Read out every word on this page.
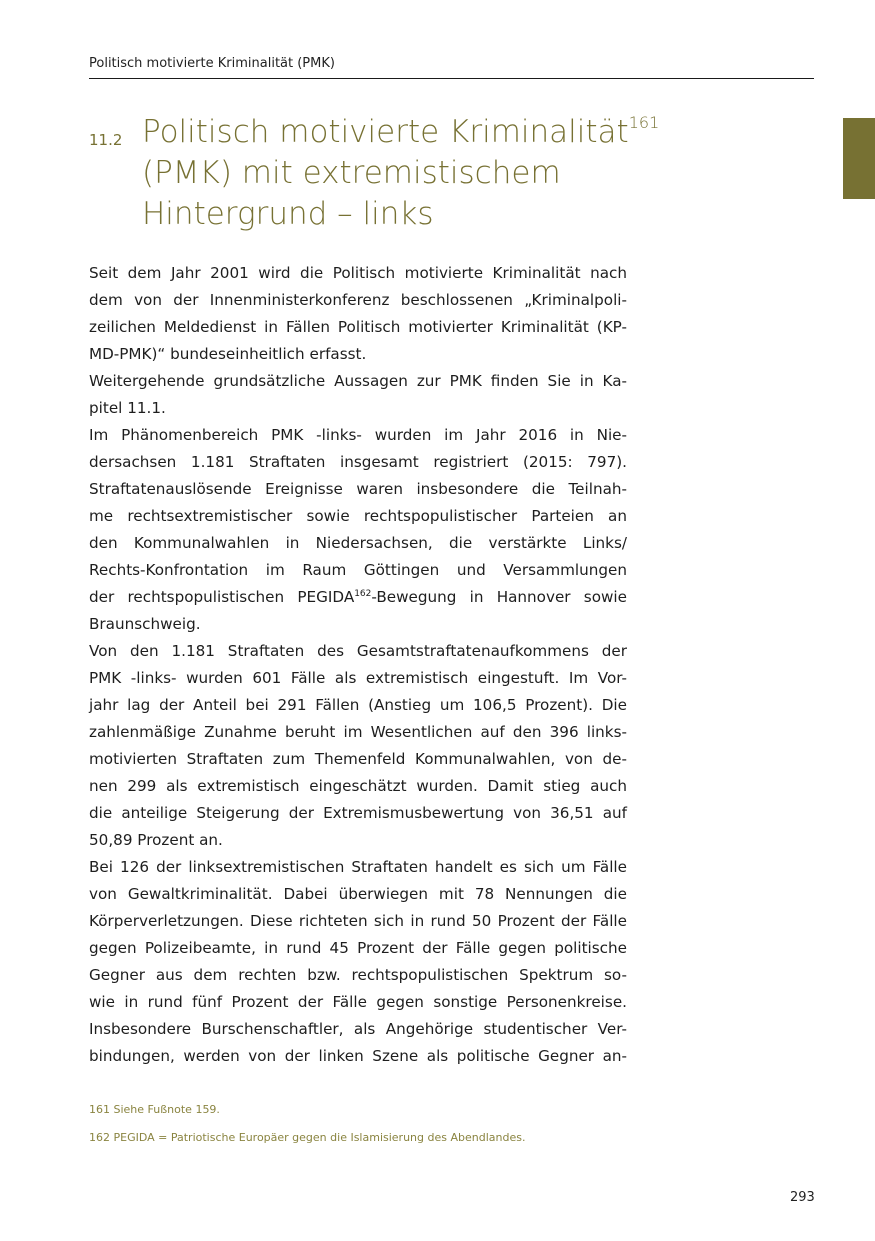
Politisch motivierte Kriminalität (PMK)
11.2 Politisch motivierte Kriminalität$^{161}$
(PMK) mit extremistischem
Hintergrund – links
Seit dem Jahr 2001 wird die Politisch motivierte Kriminalität nach
dem von der Innenministerkonferenz beschlossenen „Kriminalpoli-
zeilichen Meldedienst in Fällen Politisch motivierter Kriminalität (KP-
MD-PMK)“ bundeseinheitlich erfasst.
Weitergehende grundsätzliche Aussagen zur PMK finden Sie in Ka-
pitel 11.1.
Im Phänomenbereich PMK -links- wurden im Jahr 2016 in Nie-
dersachsen 1.181 Straftaten insgesamt registriert (2015: 797).
Straftatenauslösende Ereignisse waren insbesondere die Teilnah-
me rechtsextremistischer sowie rechtspopulistischer Parteien an
den Kommunalwahlen in Niedersachsen, die verstärkte Links/
Rechts-Konfrontation im Raum Göttingen und Versammlungen
der rechtspopulistischen PEGIDA$^{162}$-Bewegung in Hannover sowie
Braunschweig.
Von den 1.181 Straftaten des Gesamtstraftatenaufkommens der
PMK -links- wurden 601 Fälle als extremistisch eingestuft. Im Vor-
jahr lag der Anteil bei 291 Fällen (Anstieg um 106,5 Prozent). Die
zahlenmäßige Zunahme beruht im Wesentlichen auf den 396 links-
motivierten Straftaten zum Themenfeld Kommunalwahlen, von de-
nen 299 als extremistisch eingeschätzt wurden. Damit stieg auch
die anteilige Steigerung der Extremismusbewertung von 36,51 auf
50,89 Prozent an.
Bei 126 der linksextremistischen Straftaten handelt es sich um Fälle
von Gewaltkriminalität. Dabei überwiegen mit 78 Nennungen die
Körperverletzungen. Diese richteten sich in rund 50 Prozent der Fälle
gegen Polizeibeamte, in rund 45 Prozent der Fälle gegen politische
Gegner aus dem rechten bzw. rechtspopulistischen Spektrum so-
wie in rund fünf Prozent der Fälle gegen sonstige Personenkreise.
Insbesondere Burschenschaftler, als Angehörige studentischer Ver-
bindungen, werden von der linken Szene als politische Gegner an-
161 Siehe Fußnote 159.
162 PEGIDA = Patriotische Europäer gegen die Islamisierung des Abendlandes.
293
